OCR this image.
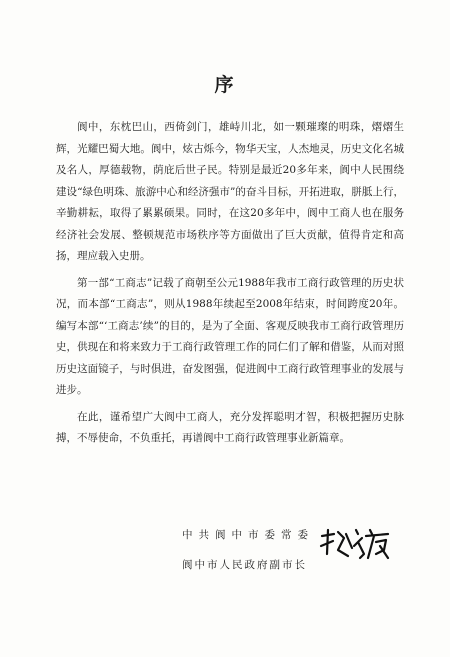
序

阆中，东枕巴山，西倚剑门，雄峙川北，如一颗璀璨的明珠，熠熠生辉，光耀巴蜀大地。阆中，炫古烁今，物华天宝，人杰地灵，历史文化名城及名人，厚德载物，荫庇后世子民。特别是最近20多年来，阆中人民围绕建设“绿色明珠、旅游中心和经济强市”的奋斗目标，开拓进取，胼胝上行，辛勤耕耘，取得了累累硕果。同时，在这20多年中，阆中工商人也在服务经济社会发展、整顿规范市场秩序等方面做出了巨大贡献，值得肯定和高扬，理应载入史册。

第一部“工商志”记载了商朝至公元1988年我市工商行政管理的历史状况，而本部“工商志”，则从1988年续起至2008年结束，时间跨度20年。编写本部“‘工商志’续”的目的，是为了全面、客观反映我市工商行政管理历史，供现在和将来致力于工商行政管理工作的同仁们了解和借鉴，从而对照历史这面镜子，与时俱进，奋发图强，促进阆中工商行政管理事业的发展与进步。

在此，谨希望广大阆中工商人，充分发挥聪明才智，积极把握历史脉搏，不辱使命，不负重托，再谱阆中工商行政管理事业新篇章。

中共阆中市委常委
阆中市人民政府副市长
